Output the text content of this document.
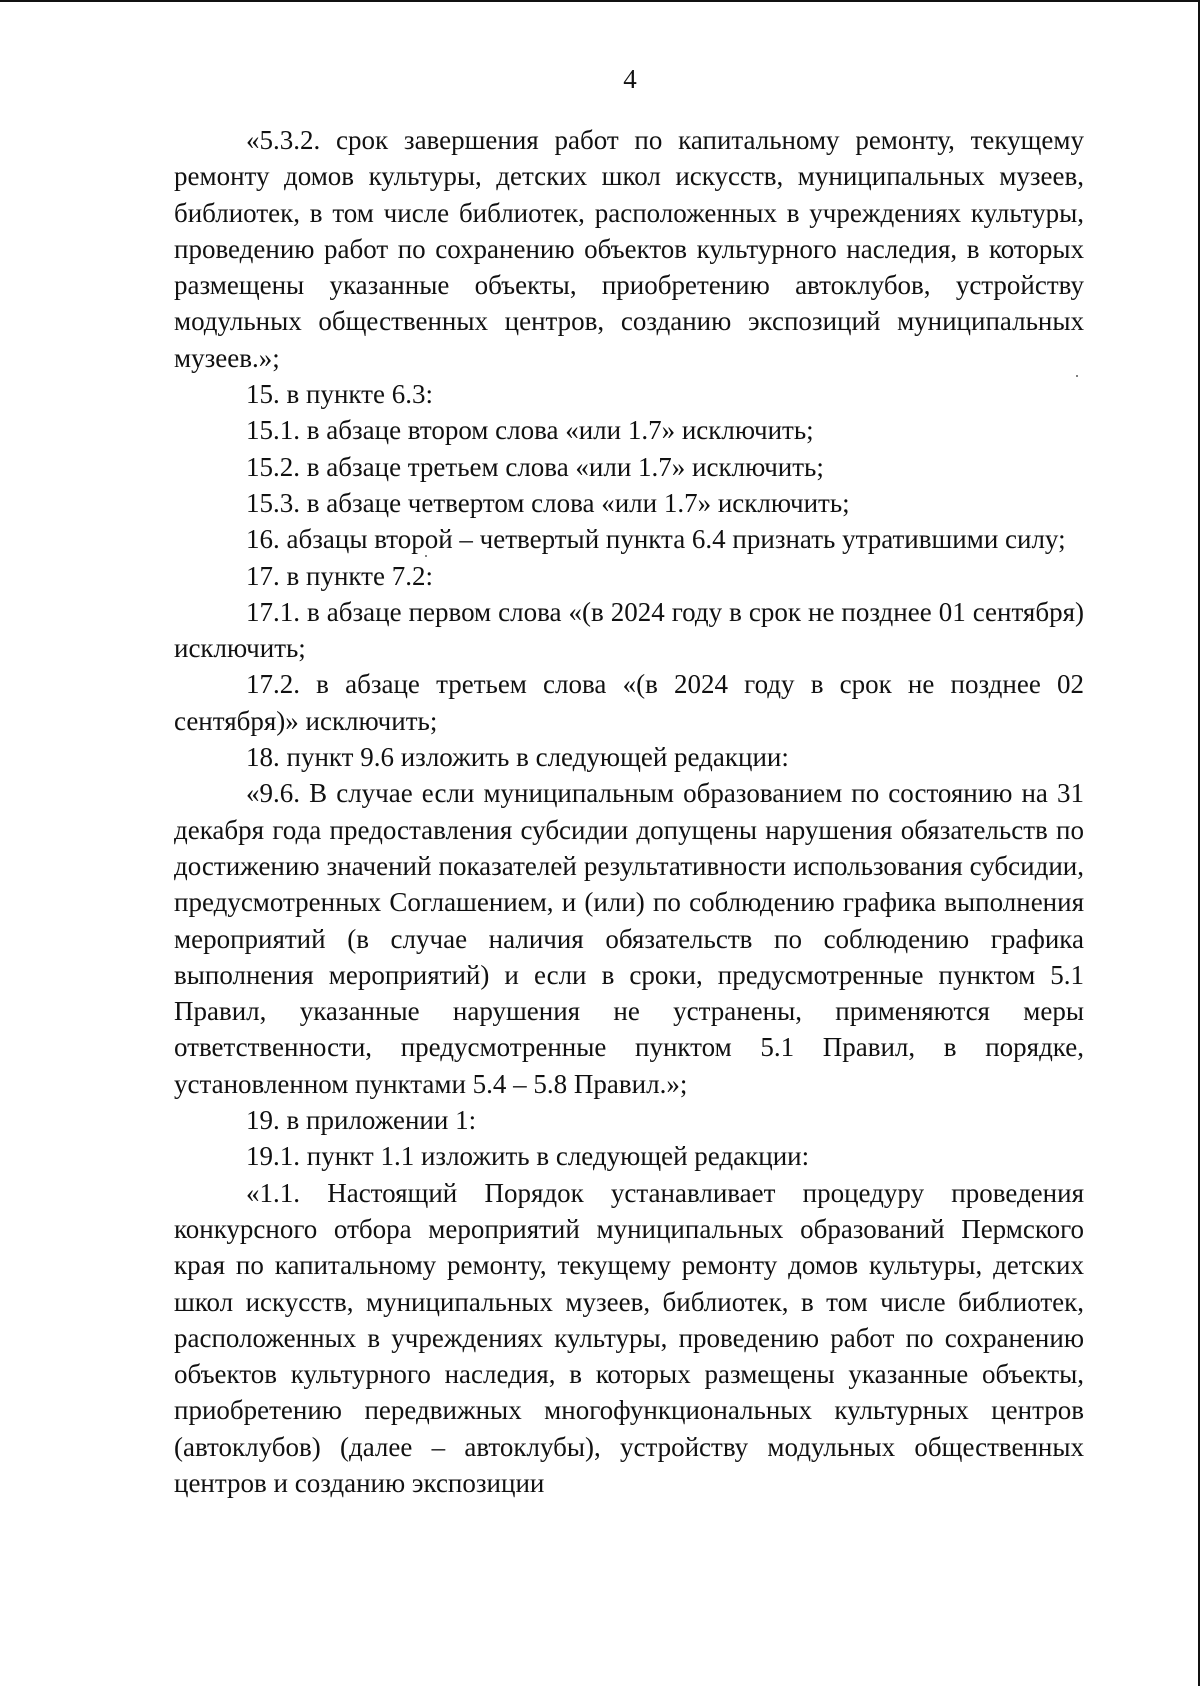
4

«5.3.2. срок завершения работ по капитальному ремонту, текущему ремонту домов культуры, детских школ искусств, муниципальных музеев, библиотек, в том числе библиотек, расположенных в учреждениях культуры, проведению работ по сохранению объектов культурного наследия, в которых размещены указанные объекты, приобретению автоклубов, устройству модульных общественных центров, созданию экспозиций муниципальных музеев.»;

15. в пункте 6.3:

15.1. в абзаце втором слова «или 1.7» исключить;

15.2. в абзаце третьем слова «или 1.7» исключить;

15.3. в абзаце четвертом слова «или 1.7» исключить;

16. абзацы второй – четвертый пункта 6.4 признать утратившими силу;

17. в пункте 7.2:

17.1. в абзаце первом слова «(в 2024 году в срок не позднее 01 сентября) исключить;

17.2. в абзаце третьем слова «(в 2024 году в срок не позднее 02 сентября)» исключить;

18. пункт 9.6 изложить в следующей редакции:

«9.6. В случае если муниципальным образованием по состоянию на 31 декабря года предоставления субсидии допущены нарушения обязательств по достижению значений показателей результативности использования субсидии, предусмотренных Соглашением, и (или) по соблюдению графика выполнения мероприятий (в случае наличия обязательств по соблюдению графика выполнения мероприятий) и если в сроки, предусмотренные пунктом 5.1 Правил, указанные нарушения не устранены, применяются меры ответственности, предусмотренные пунктом 5.1 Правил, в порядке, установленном пунктами 5.4 – 5.8 Правил.»;

19. в приложении 1:

19.1. пункт 1.1 изложить в следующей редакции:

«1.1. Настоящий Порядок устанавливает процедуру проведения конкурсного отбора мероприятий муниципальных образований Пермского края по капитальному ремонту, текущему ремонту домов культуры, детских школ искусств, муниципальных музеев, библиотек, в том числе библиотек, расположенных в учреждениях культуры, проведению работ по сохранению объектов культурного наследия, в которых размещены указанные объекты, приобретению передвижных многофункциональных культурных центров (автоклубов) (далее – автоклубы), устройству модульных общественных центров и созданию экспозиции
